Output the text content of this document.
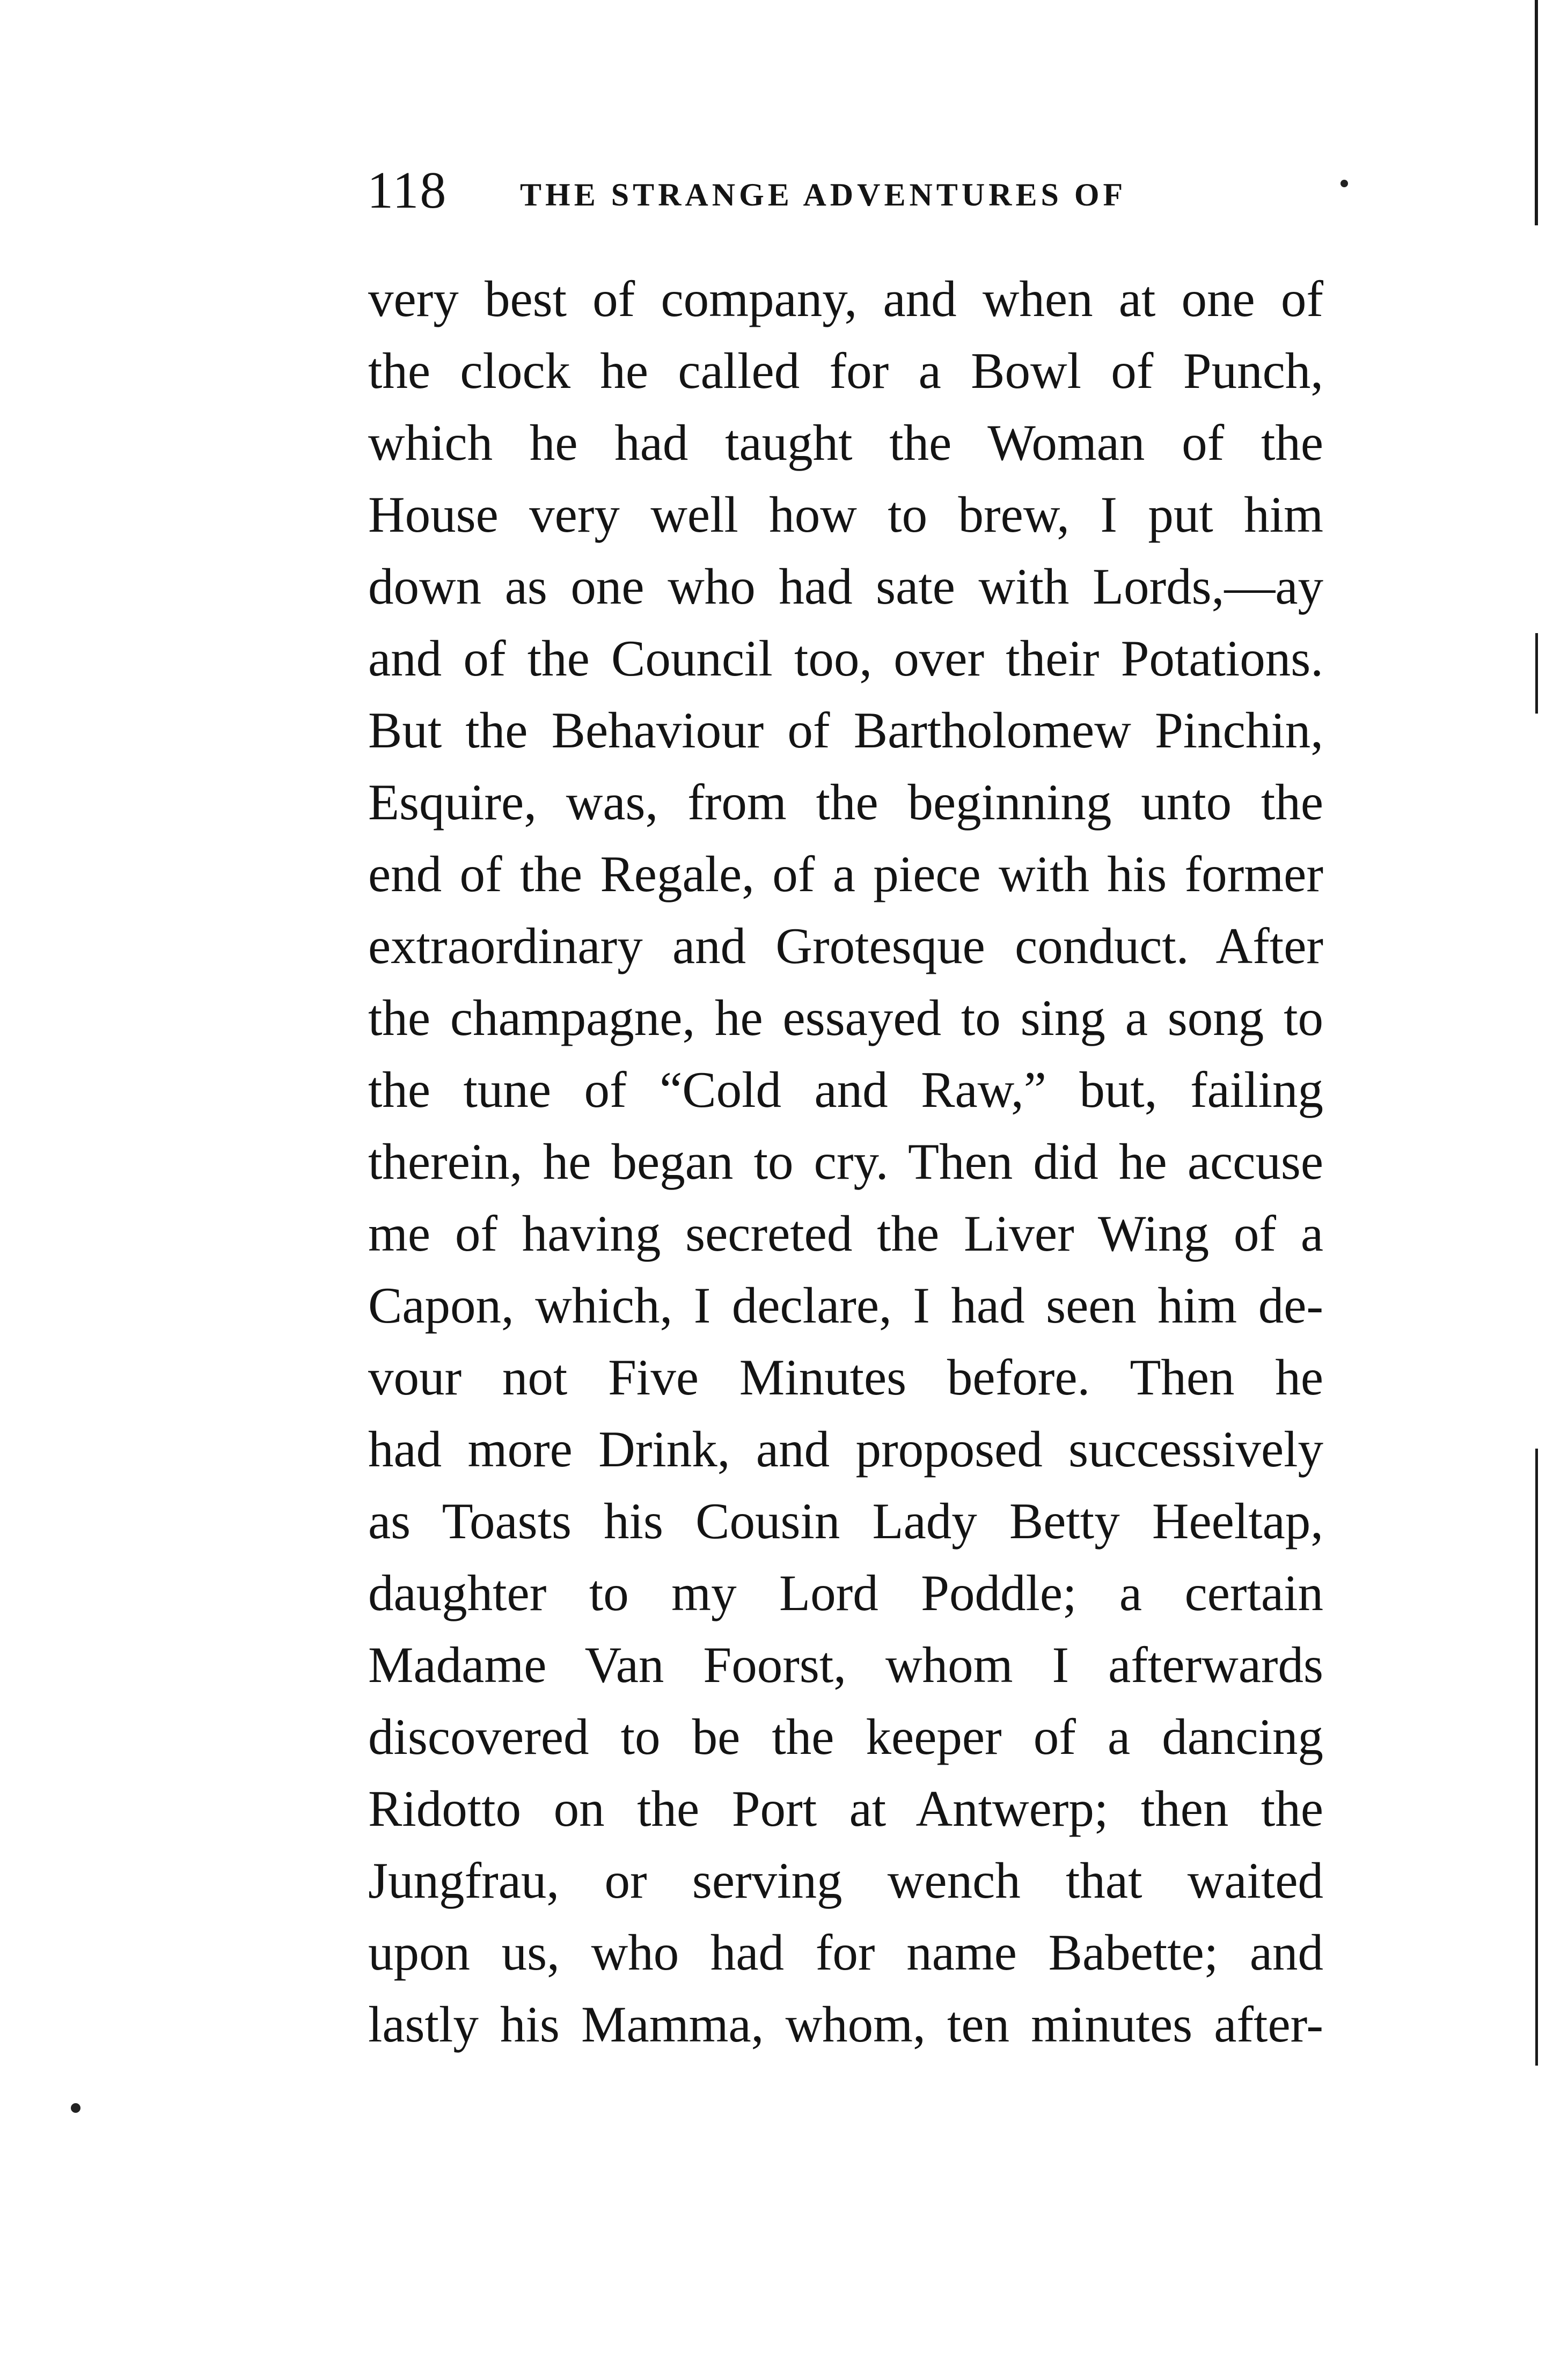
118 THE STRANGE ADVENTURES OF
very best of company, and when at one of
the clock he called for a Bowl of Punch,
which he had taught the Woman of the
House very well how to brew, I put him
down as one who had sate with Lords,—ay
and of the Council too, over their Potations.
But the Behaviour of Bartholomew Pinchin,
Esquire, was, from the beginning unto the
end of the Regale, of a piece with his former
extraordinary and Grotesque conduct. After
the champagne, he essayed to sing a song to
the tune of “Cold and Raw,” but, failing
therein, he began to cry. Then did he accuse
me of having secreted the Liver Wing of a
Capon, which, I declare, I had seen him de-
vour not Five Minutes before. Then he
had more Drink, and proposed successively
as Toasts his Cousin Lady Betty Heeltap,
daughter to my Lord Poddle; a certain
Madame Van Foorst, whom I afterwards
discovered to be the keeper of a dancing
Ridotto on the Port at Antwerp; then the
Jungfrau, or serving wench that waited
upon us, who had for name Babette; and
lastly his Mamma, whom, ten minutes after-
